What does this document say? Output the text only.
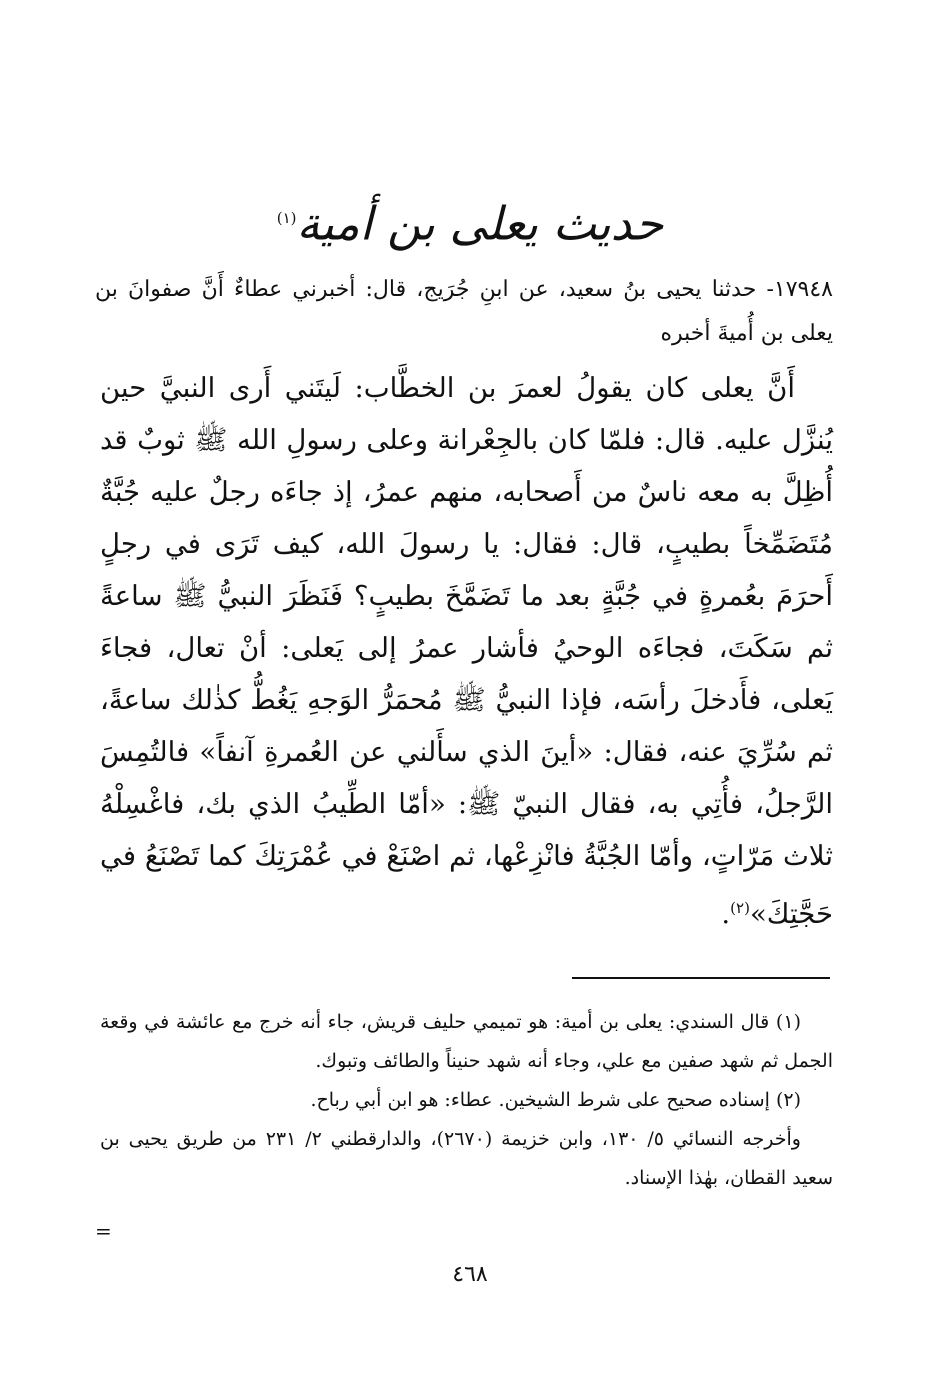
حديث يعلى بن أمية$^{(١)}$
١٧٩٤٨- حدثنا يحيى بنُ سعيد، عن ابنِ جُرَيج، قال: أخبرني عطاءٌ أَنَّ صفوانَ بن يعلى بن أُميةَ أخبره

أَنَّ يعلى كان يقولُ لعمرَ بن الخطَّاب: لَيتَني أَرى النبيَّ حين يُنزَّل عليه. قال: فلمّا كان بالجِعْرانة وعلى رسولِ الله ﷺ ثوبٌ قد أُظِلَّ به معه ناسٌ من أَصحابه، منهم عمرُ، إذ جاءَه رجلٌ عليه جُبَّةٌ مُتَضَمِّخاً بطيبٍ، قال: فقال: يا رسولَ الله، كيف تَرَى في رجلٍ أَحرَمَ بعُمرةٍ في جُبَّةٍ بعد ما تَضَمَّخَ بطيبٍ؟ فَنَظَرَ النبيُّ ﷺ ساعةً ثم سَكَتَ، فجاءَه الوحيُ فأشار عمرُ إلى يَعلى: أنْ تعال، فجاءَ يَعلى، فأَدخلَ رأسَه، فإذا النبيُّ ﷺ مُحمَرُّ الوَجهِ يَغُطُّ كذٰلك ساعةً، ثم سُرِّيَ عنه، فقال: «أينَ الذي سأَلني عن العُمرةِ آنفاً» فالتُمِسَ الرَّجلُ، فأُتِي به، فقال النبيّ ﷺ: «أمّا الطِّيبُ الذي بك، فاغْسِلْهُ ثلاث مَرّاتٍ، وأمّا الجُبَّةُ فانْزِعْها، ثم اصْنَعْ في عُمْرَتِكَ كما تَصْنَعُ في حَجَّتِكَ»$^{(٢)}$.

(١) قال السندي: يعلى بن أمية: هو تميمي حليف قريش، جاء أنه خرج مع عائشة في وقعة الجمل ثم شهد صفين مع علي، وجاء أنه شهد حنيناً والطائف وتبوك.

(٢) إسناده صحيح على شرط الشيخين. عطاء: هو ابن أبي رباح.

وأخرجه النسائي ٥/ ١٣٠، وابن خزيمة (٢٦٧٠)، والدارقطني ٢/ ٢٣١ من طريق يحيى بن سعيد القطان، بهٰذا الإسناد.

=
٤٦٨
